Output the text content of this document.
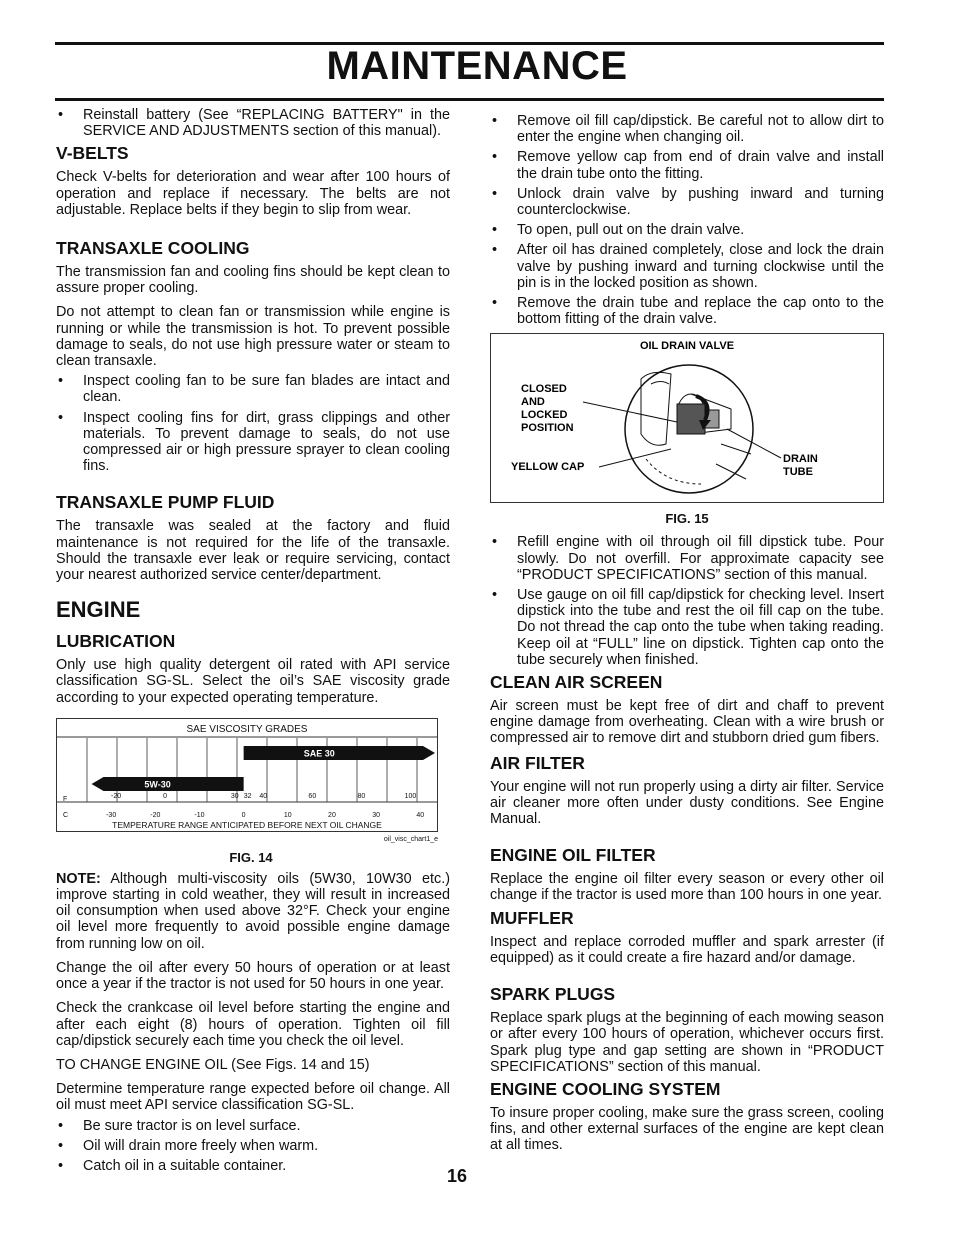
MAINTENANCE
• Reinstall battery (See “REPLACING BATTERY" in the SERVICE AND ADJUSTMENTS section of this manual).
V-BELTS

Check V-belts for deterioration and wear after 100 hours of operation and replace if necessary. The belts are not adjustable. Replace belts if they begin to slip from wear.

TRANSAXLE COOLING

The transmission fan and cooling fins should be kept clean to assure proper cooling.

Do not attempt to clean fan or transmission while engine is running or while the transmission is hot. To prevent possible damage to seals, do not use high pressure water or steam to clean transaxle.

• Inspect cooling fan to be sure fan blades are intact and clean.
• Inspect cooling fins for dirt, grass clippings and other materials. To prevent damage to seals, do not use compressed air or high pressure sprayer to clean cooling fins.
TRANSAXLE PUMP FLUID

The transaxle was sealed at the factory and fluid maintenance is not required for the life of the transaxle. Should the transaxle ever leak or require servicing, contact your nearest authorized service center/department.

ENGINE
LUBRICATION

Only use high quality detergent oil rated with API service classification SG-SL. Select the oil’s SAE viscosity grade according to your expected operating temperature.

SAE VISCOSITY GRADES
5W-30
SAE 30
F
C
-20	0	30 32 40	60	80	100
-30	-20	-10	0	10	20	30	40
TEMPERATURE RANGE ANTICIPATED BEFORE NEXT OIL CHANGE
oil_visc_chart1_e
FIG. 14

NOTE: Although multi-viscosity oils (5W30, 10W30 etc.) improve starting in cold weather, they will result in increased oil consumption when used above 32°F. Check your engine oil level more frequently to avoid possible engine damage from running low on oil.

Change the oil after every 50 hours of operation or at least once a year if the tractor is not used for 50 hours in one year.

Check the crankcase oil level before starting the engine and after each eight (8) hours of operation. Tighten oil fill cap/dipstick securely each time you check the oil level.

TO CHANGE ENGINE OIL (See Figs. 14 and 15)

Determine temperature range expected before oil change. All oil must meet API service classification SG-SL.

• Be sure tractor is on level surface.
• Oil will drain more freely when warm.
• Catch oil in a suitable container.
• Remove oil fill cap/dipstick. Be careful not to allow dirt to enter the engine when changing oil.
• Remove yellow cap from end of drain valve and install the drain tube onto the fitting.
• Unlock drain valve by pushing inward and turning counterclockwise.
• To open, pull out on the drain valve.
• After oil has drained completely, close and lock the drain valve by pushing inward and turning clockwise until the pin is in the locked position as shown.
• Remove the drain tube and replace the cap onto to the bottom fitting of the drain valve.
OIL DRAIN VALVE
CLOSED
AND
LOCKED
POSITION
YELLOW CAP
DRAIN
TUBE
FIG. 15
• Refill engine with oil through oil fill dipstick tube. Pour slowly. Do not overfill. For approximate capacity see “PRODUCT SPECIFICATIONS” section of this manual.
• Use gauge on oil fill cap/dipstick for checking level. Insert dipstick into the tube and rest the oil fill cap on the tube. Do not thread the cap onto the tube when taking reading. Keep oil at “FULL” line on dipstick. Tighten cap onto the tube securely when finished.
CLEAN AIR SCREEN

Air screen must be kept free of dirt and chaff to prevent engine damage from overheating. Clean with a wire brush or compressed air to remove dirt and stubborn dried gum fibers.

AIR FILTER

Your engine will not run properly using a dirty air filter. Service air cleaner more often under dusty conditions. See Engine Manual.

ENGINE OIL FILTER

Replace the engine oil filter every season or every other oil change if the tractor is used more than 100 hours in one year.

MUFFLER

Inspect and replace corroded muffler and spark arrester (if equipped) as it could create a fire hazard and/or damage.

SPARK PLUGS

Replace spark plugs at the beginning of each mowing season or after every 100 hours of operation, whichever occurs first. Spark plug type and gap setting are shown in “PRODUCT SPECIFICATIONS” section of this manual.

ENGINE COOLING SYSTEM

To insure proper cooling, make sure the grass screen, cooling fins, and other external surfaces of the engine are kept clean at all times.

16
